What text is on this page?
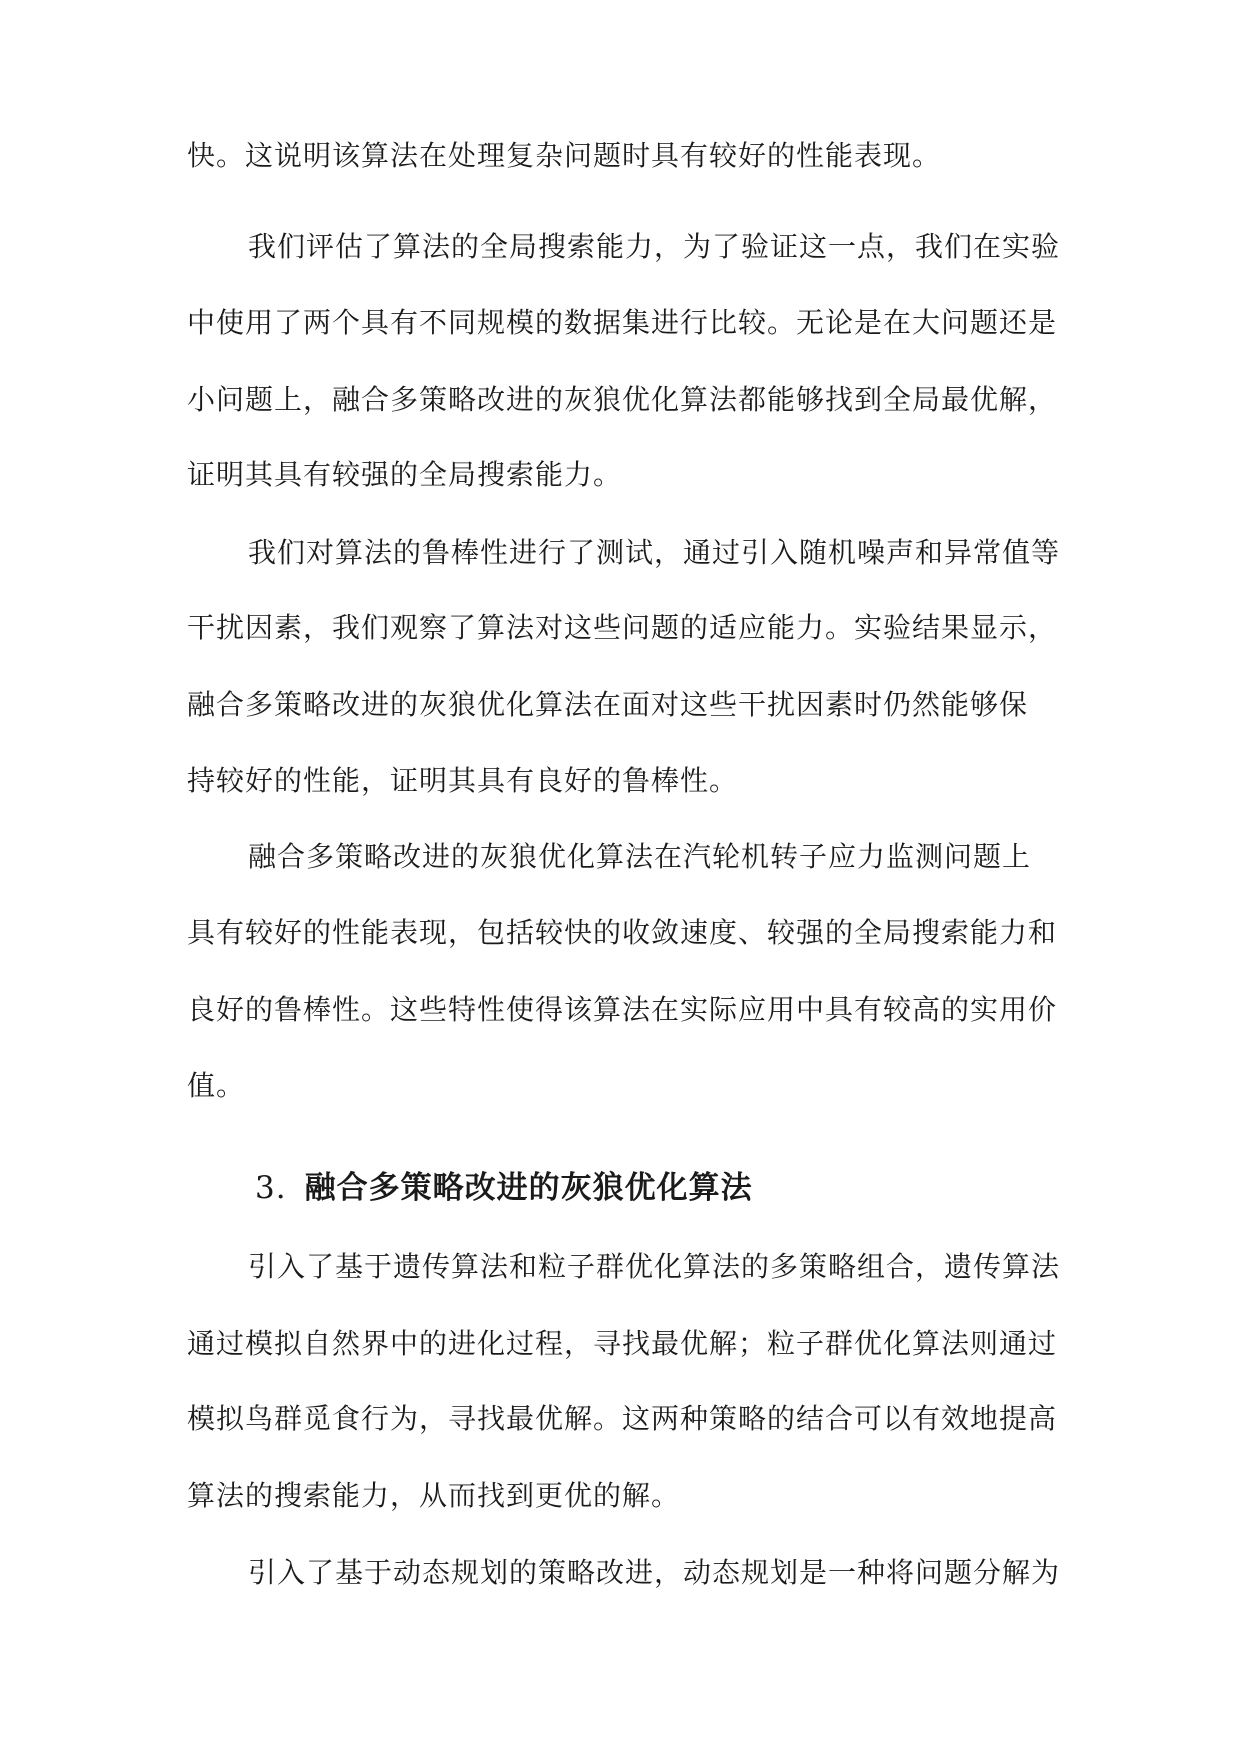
快。这说明该算法在处理复杂问题时具有较好的性能表现。
我们评估了算法的全局搜索能力，为了验证这一点，我们在实验
中使用了两个具有不同规模的数据集进行比较。无论是在大问题还是
小问题上，融合多策略改进的灰狼优化算法都能够找到全局最优解，
证明其具有较强的全局搜索能力。
我们对算法的鲁棒性进行了测试，通过引入随机噪声和异常值等
干扰因素，我们观察了算法对这些问题的适应能力。实验结果显示，
融合多策略改进的灰狼优化算法在面对这些干扰因素时仍然能够保
持较好的性能，证明其具有良好的鲁棒性。
融合多策略改进的灰狼优化算法在汽轮机转子应力监测问题上
具有较好的性能表现，包括较快的收敛速度、较强的全局搜索能力和
良好的鲁棒性。这些特性使得该算法在实际应用中具有较高的实用价
值。
3. 融合多策略改进的灰狼优化算法
引入了基于遗传算法和粒子群优化算法的多策略组合，遗传算法
通过模拟自然界中的进化过程，寻找最优解；粒子群优化算法则通过
模拟鸟群觅食行为，寻找最优解。这两种策略的结合可以有效地提高
算法的搜索能力，从而找到更优的解。
引入了基于动态规划的策略改进，动态规划是一种将问题分解为
